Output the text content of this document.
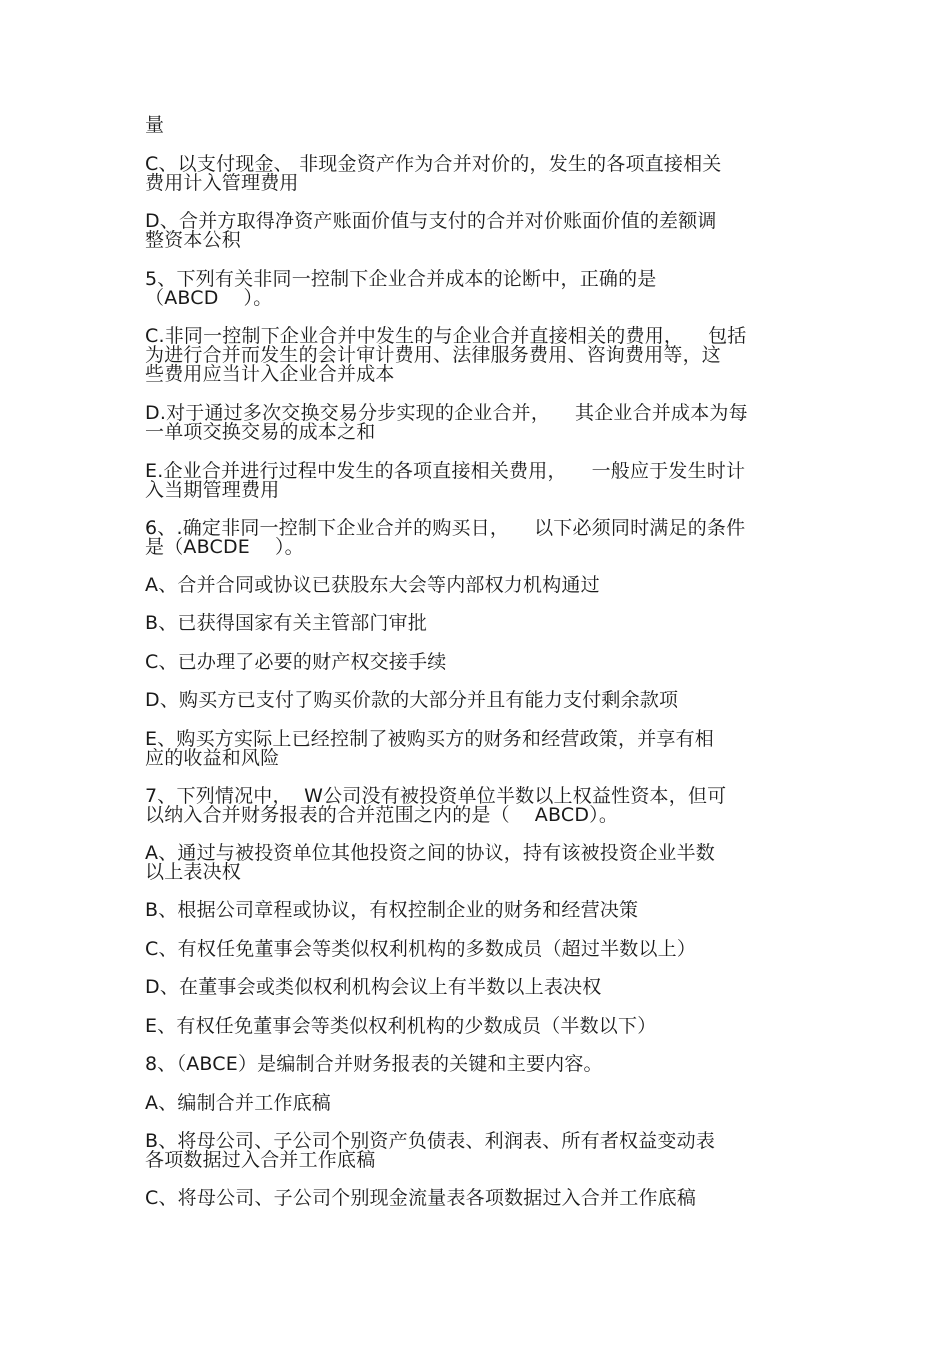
量

C、以支付现金、 非现金资产作为合并对价的，发生的各项直接相关
费用计入管理费用

D、合并方取得净资产账面价值与支付的合并对价账面价值的差额调
整资本公积

5、下列有关非同一控制下企业合并成本的论断中，正确的是
（ABCD    ）。

C.非同一控制下企业合并中发生的与企业合并直接相关的费用，    包括
为进行合并而发生的会计审计费用、法律服务费用、咨询费用等，这
些费用应当计入企业合并成本

D.对于通过多次交换交易分步实现的企业合并，    其企业合并成本为每
一单项交换交易的成本之和

E.企业合并进行过程中发生的各项直接相关费用，    一般应于发生时计
入当期管理费用

6、.确定非同一控制下企业合并的购买日，    以下必须同时满足的条件
是（ABCDE    ）。

A、合并合同或协议已获股东大会等内部权力机构通过

B、已获得国家有关主管部门审批

C、已办理了必要的财产权交接手续

D、购买方已支付了购买价款的大部分并且有能力支付剩余款项

E、购买方实际上已经控制了被购买方的财务和经营政策，并享有相
应的收益和风险

7、下列情况中，  W公司没有被投资单位半数以上权益性资本，但可
以纳入合并财务报表的合并范围之内的是（    ABCD）。

A、通过与被投资单位其他投资之间的协议，持有该被投资企业半数
以上表决权

B、根据公司章程或协议，有权控制企业的财务和经营决策

C、有权任免董事会等类似权利机构的多数成员（超过半数以上）

D、在董事会或类似权利机构会议上有半数以上表决权

E、有权任免董事会等类似权利机构的少数成员（半数以下）

8、（ABCE）是编制合并财务报表的关键和主要内容。

A、编制合并工作底稿

B、将母公司、子公司个别资产负债表、利润表、所有者权益变动表
各项数据过入合并工作底稿

C、将母公司、子公司个别现金流量表各项数据过入合并工作底稿
